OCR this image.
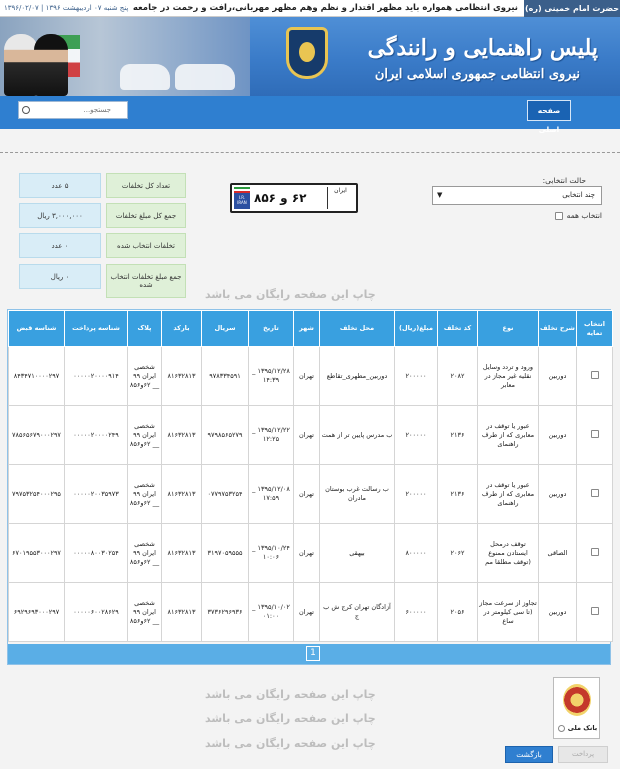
حضرت امام خمینی (ره)
نیروی انتظامی همواره باید مظهر اقتدار و نظم وهم مظهر مهربانی،رافت و رحمت در جامعه
پنج شنبه ۰۷ اردیبهشت ۱۳۹۶ | ۱۳۹۶/۰۲/۰۷
پلیس راهنمایی و رانندگی
نیروی انتظامی جمهوری اسلامی ایران
صفحه اصلی
جستجو...
تعداد کل تخلفات
۵ عدد
جمع کل مبلغ تخلفات
۳,۰۰۰,۰۰۰ ریال
تخلفات انتخاب شده
۰ عدد
جمع مبلغ تخلفات انتخاب شده
۰ ریال
I.R. IRAN ۶۲ و ۸۵۶
ایران
حالت انتخابی:
چند انتخابی
▼
انتخاب همه
چاپ این صفحه رایگان می باشد
چاپ این صفحه رایگان می باشد
چاپ این صفحه رایگان می باشد
چاپ این صفحه رایگان می باشد
انتخاب تمایه	شرح تخلف	نوع	کد تخلف	مبلغ(ریال)	محل تخلف	شهر	تاریخ	سریال	بارکد	پلاک	شناسه پرداخت	شناسه قبض
	دوربین	ورود و تردد وسایل نقلیه غیر مجاز در معابر	۲۰۸۲	۲۰۰۰۰۰	دوربین_مطهری_تقاطع	تهران	۱۳۹۵/۱۲/۲۸ _ ۱۴:۳۹	۹۷۸۳۳۴۵۹۱	۸۱۶۳۲۸۱۳	شخصی ایران ۹۹ __ ۶۲و۸۵۶	۰۰۰۰۰۲۰۰۰۰۹۱۴	۸۴۳۴۷۱۰۰۰۰۲۹۷
	دوربین	عبور یا توقف در معابری که از طرف راهنمای	۲۱۳۶	۲۰۰۰۰۰	ب مدرس پایین تر از همت	تهران	۱۳۹۵/۱۲/۲۲ _ ۱۲:۲۵	۹۷۹۸۵۶۵۲۷۹	۸۱۶۳۲۸۱۳	شخصی ایران ۹۹ __ ۶۲و۸۵۶	۰۰۰۰۰۲۰۰۰۰۲۴۹	۷۸۵۶۵۶۷۹۰۰۰۲۹۷
	دوربین	عبور یا توقف در معابری که از طرف راهنمای	۲۱۳۶	۲۰۰۰۰۰	ب رسالت غرب بوستان مادران	تهران	۱۳۹۵/۱۲/۰۸ _ ۱۷:۵۹	۰۷۷۹۷۵۳۲۵۴	۸۱۶۳۲۸۱۳	شخصی ایران ۹۹ __ ۶۲و۸۵۶	۰۰۰۰۰۲۰۰۳۵۹۷۳	۷۹۷۵۳۲۵۴۰۰۰۲۹۵
	الصاقی	توقف درمحل ایستادن ممنوع (توقف مطلقا مم	۲۰۶۲	۸۰۰۰۰۰	بیهقی	تهران	۱۳۹۵/۱۰/۲۴ _ ۱۰:۰۶	۳۱۹۷۰۵۹۵۵۵	۸۱۶۳۲۸۱۳	شخصی ایران ۹۹ __ ۶۲و۸۵۶	۰۰۰۰۰۸۰۰۳۰۲۵۴	۶۷۰۱۹۵۵۳۰۰۰۲۹۷
	دوربین	تجاوز از سرعت مجاز (تا سی کیلومتر در ساع	۲۰۵۶	۶۰۰۰۰۰	آزادگان تهران کرج ش ب ج	تهران	۱۳۹۵/۱۰/۰۲ _ ۰۱:۰۰	۳۷۳۶۲۹۶۹۳۶	۸۱۶۳۲۸۱۳	شخصی ایران ۹۹ __ ۶۲و۸۵۶	۰۰۰۰۰۶۰۰۲۸۶۲۹	۶۹۲۹۶۹۳۰۰۰۲۹۷
1
بانک ملی
پرداخت
بازگشت
